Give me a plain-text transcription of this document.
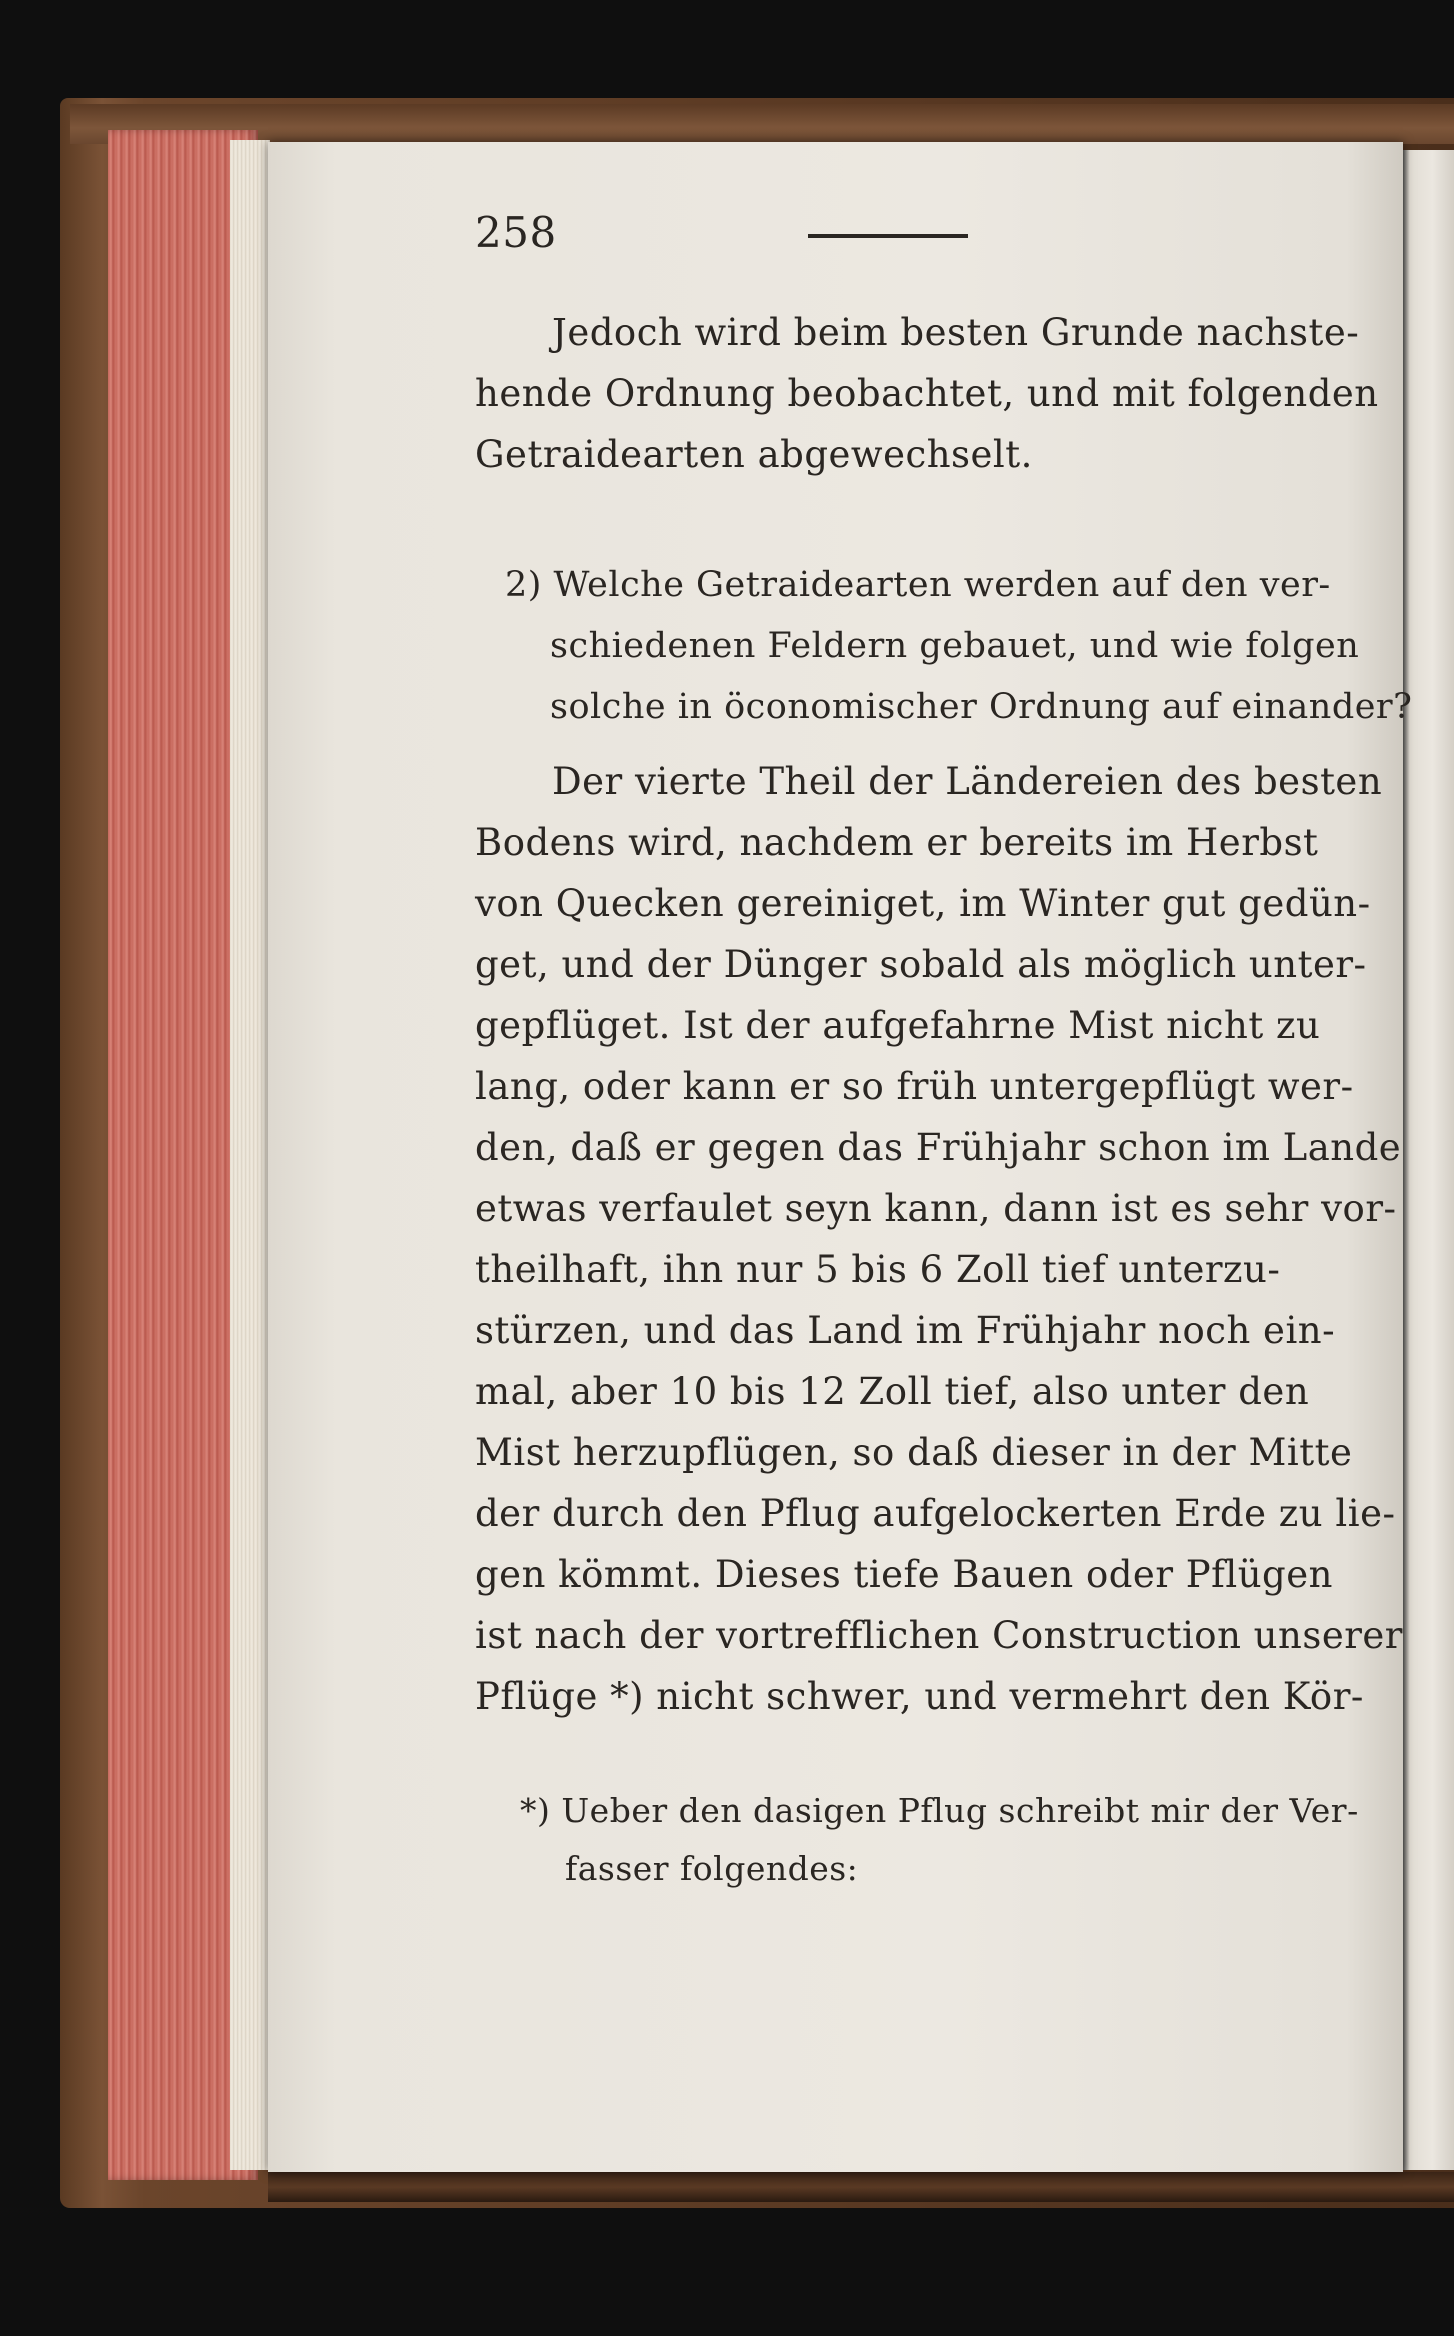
258
Jedoch wird beim besten Grunde nachste-
hende Ordnung beobachtet, und mit folgenden
Getraidearten abgewechselt.
2) Welche Getraidearten werden auf den ver-
schiedenen Feldern gebauet, und wie folgen
solche in öconomischer Ordnung auf einander?
Der vierte Theil der Ländereien des besten
Bodens wird, nachdem er bereits im Herbst
von Quecken gereiniget, im Winter gut gedün-
get, und der Dünger sobald als möglich unter-
gepflüget. Ist der aufgefahrne Mist nicht zu
lang, oder kann er so früh untergepflügt wer-
den, daß er gegen das Frühjahr schon im Lande
etwas verfaulet seyn kann, dann ist es sehr vor-
theilhaft, ihn nur 5 bis 6 Zoll tief unterzu-
stürzen, und das Land im Frühjahr noch ein-
mal, aber 10 bis 12 Zoll tief, also unter den
Mist herzupflügen, so daß dieser in der Mitte
der durch den Pflug aufgelockerten Erde zu lie-
gen kömmt. Dieses tiefe Bauen oder Pflügen
ist nach der vortrefflichen Construction unserer
Pflüge *) nicht schwer, und vermehrt den Kör-
*) Ueber den dasigen Pflug schreibt mir der Ver-
fasser folgendes:
